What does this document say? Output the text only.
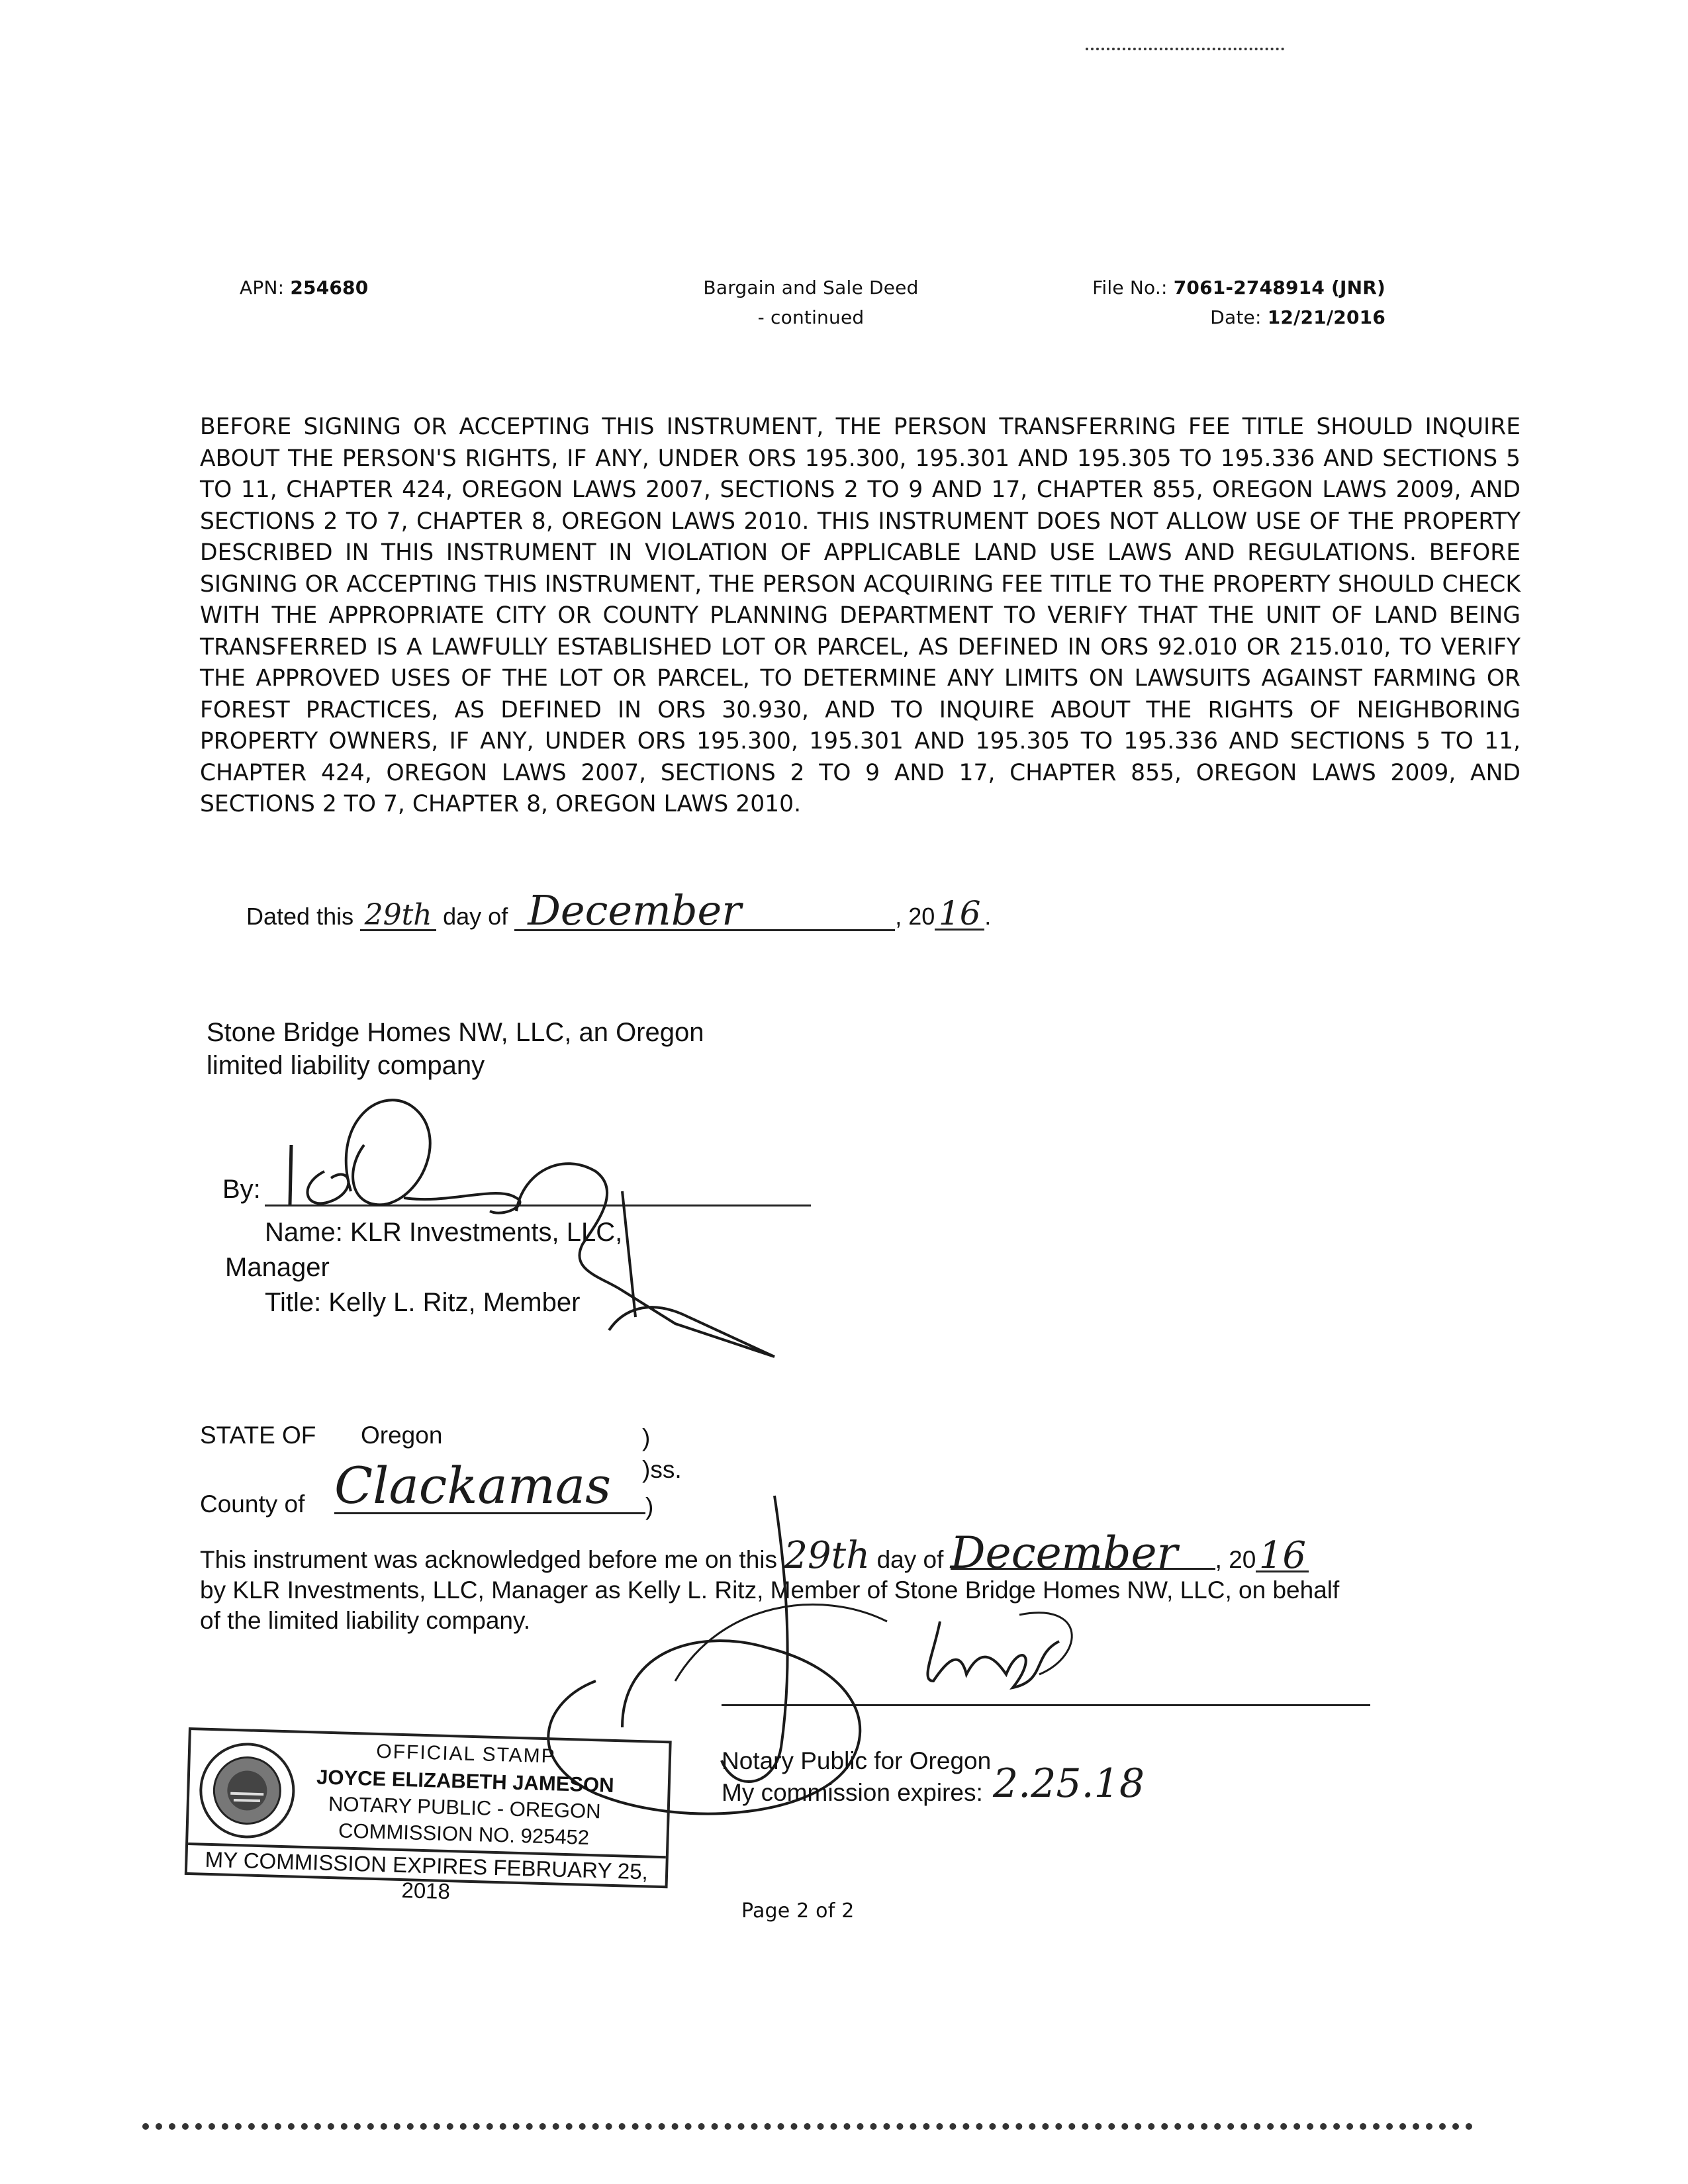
APN: 254680	Bargain and Sale Deed
- continued
File No.: 7061-2748914 (JNR)
Date: 12/21/2016
BEFORE SIGNING OR ACCEPTING THIS INSTRUMENT, THE PERSON TRANSFERRING FEE TITLE SHOULD INQUIRE ABOUT THE PERSON'S RIGHTS, IF ANY, UNDER ORS 195.300, 195.301 AND 195.305 TO 195.336 AND SECTIONS 5 TO 11, CHAPTER 424, OREGON LAWS 2007, SECTIONS 2 TO 9 AND 17, CHAPTER 855, OREGON LAWS 2009, AND SECTIONS 2 TO 7, CHAPTER 8, OREGON LAWS 2010. THIS INSTRUMENT DOES NOT ALLOW USE OF THE PROPERTY DESCRIBED IN THIS INSTRUMENT IN VIOLATION OF APPLICABLE LAND USE LAWS AND REGULATIONS. BEFORE SIGNING OR ACCEPTING THIS INSTRUMENT, THE PERSON ACQUIRING FEE TITLE TO THE PROPERTY SHOULD CHECK WITH THE APPROPRIATE CITY OR COUNTY PLANNING DEPARTMENT TO VERIFY THAT THE UNIT OF LAND BEING TRANSFERRED IS A LAWFULLY ESTABLISHED LOT OR PARCEL, AS DEFINED IN ORS 92.010 OR 215.010, TO VERIFY THE APPROVED USES OF THE LOT OR PARCEL, TO DETERMINE ANY LIMITS ON LAWSUITS AGAINST FARMING OR FOREST PRACTICES, AS DEFINED IN ORS 30.930, AND TO INQUIRE ABOUT THE RIGHTS OF NEIGHBORING PROPERTY OWNERS, IF ANY, UNDER ORS 195.300, 195.301 AND 195.305 TO 195.336 AND SECTIONS 5 TO 11, CHAPTER 424, OREGON LAWS 2007, SECTIONS 2 TO 9 AND 17, CHAPTER 855, OREGON LAWS 2009, AND SECTIONS 2 TO 7, CHAPTER 8, OREGON LAWS 2010.
Dated this 29th day of December	, 20 16 .
Stone Bridge Homes NW, LLC, an Oregon
limited liability company
By:
Name: KLR Investments, LLC,
Manager
Title: Kelly L. Ritz, Member
STATE OF Oregon	)
)ss.
County of Clackamas	)
This instrument was acknowledged before me on this 29th day of December , 2016
by KLR Investments, LLC, Manager as Kelly L. Ritz, Member of Stone Bridge Homes NW, LLC, on behalf
of the limited liability company.
Notary Public for Oregon
My commission expires: 2.25.18
OFFICIAL STAMP
JOYCE ELIZABETH JAMESON
NOTARY PUBLIC - OREGON
COMMISSION NO. 925452
MY COMMISSION EXPIRES FEBRUARY 25, 2018
Page 2 of 2
